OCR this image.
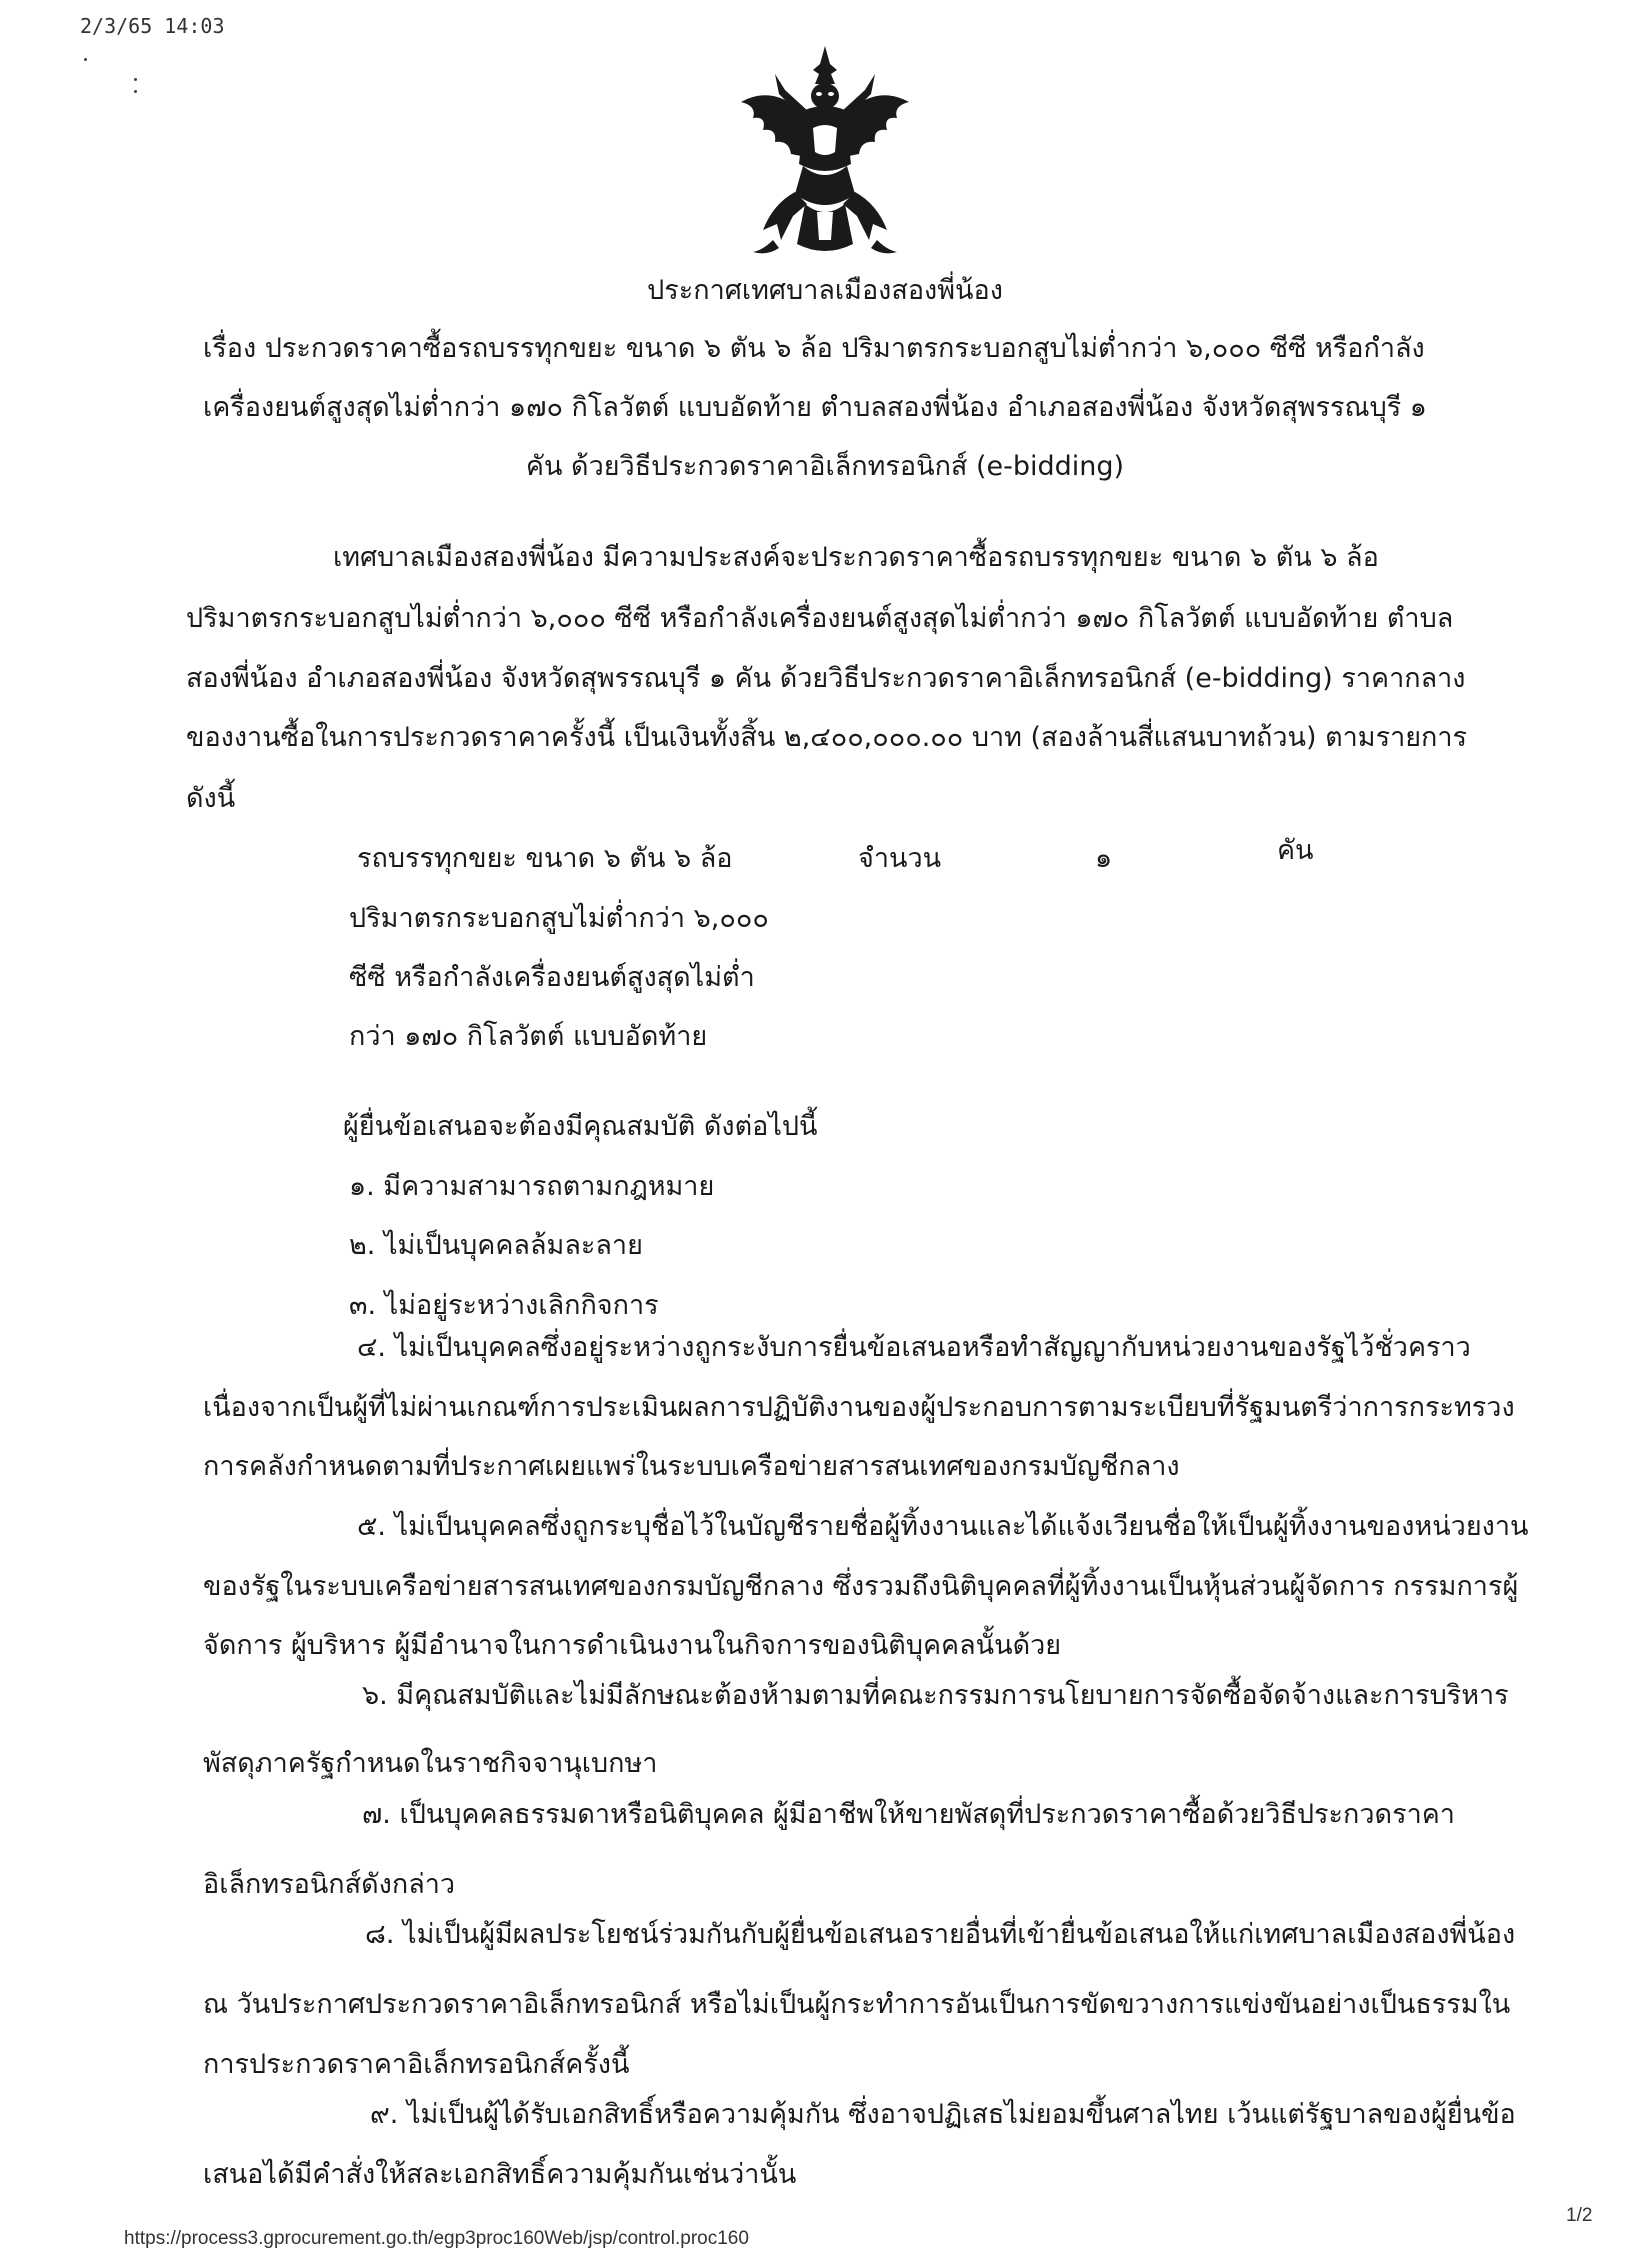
2/3/65 14:03
ประกาศเทศบาลเมืองสองพี่น้อง
เรื่อง ประกวดราคาซื้อรถบรรทุกขยะ ขนาด ๖ ตัน ๖ ล้อ ปริมาตรกระบอกสูบไม่ต่ำกว่า ๖,๐๐๐ ซีซี หรือกำลัง
เครื่องยนต์สูงสุดไม่ต่ำกว่า ๑๗๐ กิโลวัตต์ แบบอัดท้าย ตำบลสองพี่น้อง อำเภอสองพี่น้อง จังหวัดสุพรรณบุรี ๑
คัน ด้วยวิธีประกวดราคาอิเล็กทรอนิกส์ (e-bidding)
เทศบาลเมืองสองพี่น้อง มีความประสงค์จะประกวดราคาซื้อรถบรรทุกขยะ ขนาด ๖ ตัน ๖ ล้อ
ปริมาตรกระบอกสูบไม่ต่ำกว่า ๖,๐๐๐ ซีซี หรือกำลังเครื่องยนต์สูงสุดไม่ต่ำกว่า ๑๗๐ กิโลวัตต์ แบบอัดท้าย ตำบล
สองพี่น้อง อำเภอสองพี่น้อง จังหวัดสุพรรณบุรี ๑ คัน ด้วยวิธีประกวดราคาอิเล็กทรอนิกส์ (e-bidding) ราคากลาง
ของงานซื้อในการประกวดราคาครั้งนี้ เป็นเงินทั้งสิ้น ๒,๔๐๐,๐๐๐.๐๐ บาท (สองล้านสี่แสนบาทถ้วน) ตามรายการ
ดังนี้
รถบรรทุกขยะ ขนาด ๖ ตัน ๖ ล้อ	จำนวน	๑	คัน
ปริมาตรกระบอกสูบไม่ต่ำกว่า ๖,๐๐๐
ซีซี หรือกำลังเครื่องยนต์สูงสุดไม่ต่ำ
กว่า ๑๗๐ กิโลวัตต์ แบบอัดท้าย
ผู้ยื่นข้อเสนอจะต้องมีคุณสมบัติ ดังต่อไปนี้
๑. มีความสามารถตามกฎหมาย
๒. ไม่เป็นบุคคลล้มละลาย
๓. ไม่อยู่ระหว่างเลิกกิจการ
๔. ไม่เป็นบุคคลซึ่งอยู่ระหว่างถูกระงับการยื่นข้อเสนอหรือทำสัญญากับหน่วยงานของรัฐไว้ชั่วคราว
เนื่องจากเป็นผู้ที่ไม่ผ่านเกณฑ์การประเมินผลการปฏิบัติงานของผู้ประกอบการตามระเบียบที่รัฐมนตรีว่าการกระทรวง
การคลังกำหนดตามที่ประกาศเผยแพร่ในระบบเครือข่ายสารสนเทศของกรมบัญชีกลาง
๕. ไม่เป็นบุคคลซึ่งถูกระบุชื่อไว้ในบัญชีรายชื่อผู้ทิ้งงานและได้แจ้งเวียนชื่อให้เป็นผู้ทิ้งงานของหน่วยงาน
ของรัฐในระบบเครือข่ายสารสนเทศของกรมบัญชีกลาง ซึ่งรวมถึงนิติบุคคลที่ผู้ทิ้งงานเป็นหุ้นส่วนผู้จัดการ กรรมการผู้
จัดการ ผู้บริหาร ผู้มีอำนาจในการดำเนินงานในกิจการของนิติบุคคลนั้นด้วย
๖. มีคุณสมบัติและไม่มีลักษณะต้องห้ามตามที่คณะกรรมการนโยบายการจัดซื้อจัดจ้างและการบริหาร
พัสดุภาครัฐกำหนดในราชกิจจานุเบกษา
๗. เป็นบุคคลธรรมดาหรือนิติบุคคล ผู้มีอาชีพให้ขายพัสดุที่ประกวดราคาซื้อด้วยวิธีประกวดราคา
อิเล็กทรอนิกส์ดังกล่าว
๘. ไม่เป็นผู้มีผลประโยชน์ร่วมกันกับผู้ยื่นข้อเสนอรายอื่นที่เข้ายื่นข้อเสนอให้แก่เทศบาลเมืองสองพี่น้อง
ณ วันประกาศประกวดราคาอิเล็กทรอนิกส์ หรือไม่เป็นผู้กระทำการอันเป็นการขัดขวางการแข่งขันอย่างเป็นธรรมใน
การประกวดราคาอิเล็กทรอนิกส์ครั้งนี้
๙. ไม่เป็นผู้ได้รับเอกสิทธิ์หรือความคุ้มกัน ซึ่งอาจปฏิเสธไม่ยอมขึ้นศาลไทย เว้นแต่รัฐบาลของผู้ยื่นข้อ
เสนอได้มีคำสั่งให้สละเอกสิทธิ์ความคุ้มกันเช่นว่านั้น
https://process3.gprocurement.go.th/egp3proc160Web/jsp/control.proc160
1/2
